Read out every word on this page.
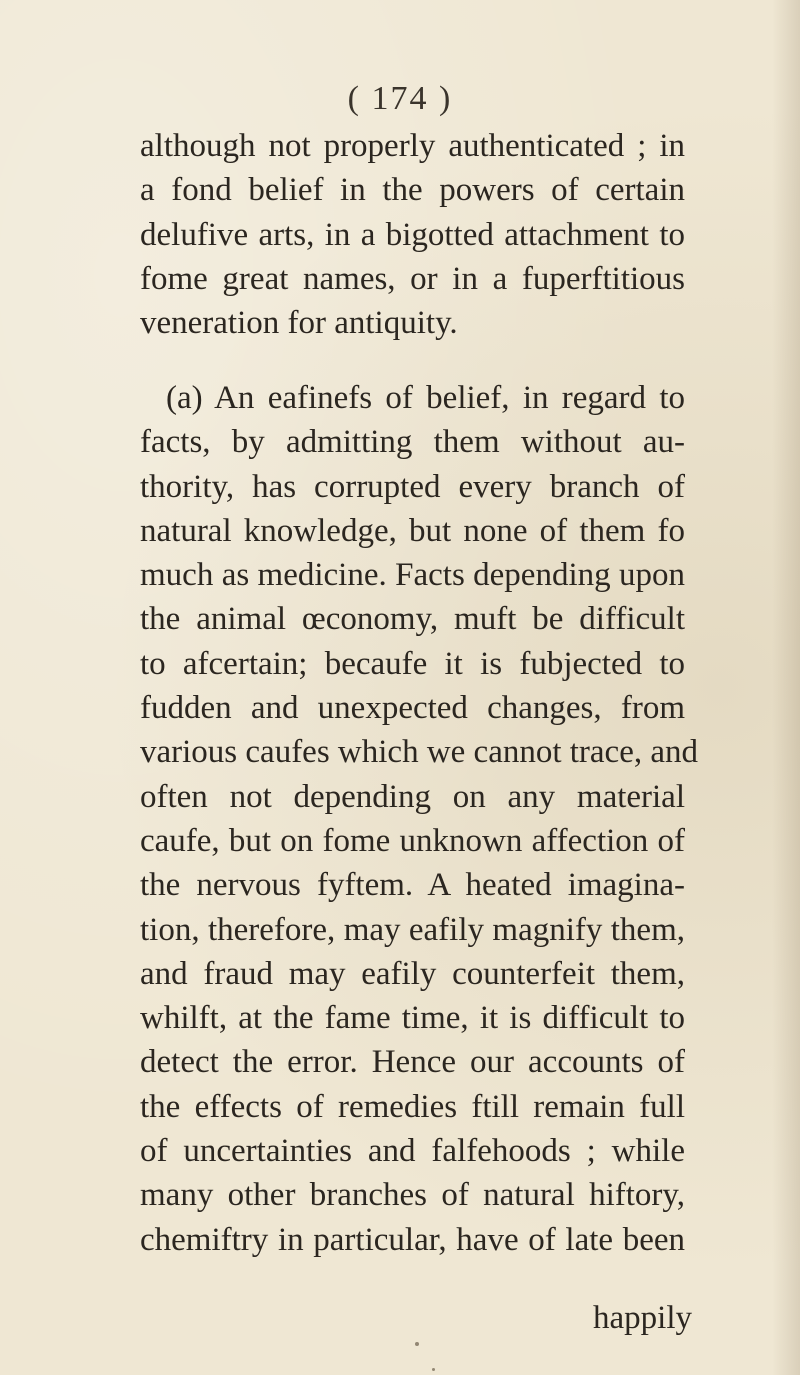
( 174 )
although not properly authenticated ; in
a fond belief in the powers of certain
delufive arts, in a bigotted attachment to
fome great names, or in a fuperftitious
veneration for antiquity.
(a) An eafinefs of belief, in regard to
facts, by admitting them without au-
thority, has corrupted every branch of
natural knowledge, but none of them fo
much as medicine. Facts depending upon
the animal œconomy, muft be difficult
to afcertain; becaufe it is fubjected to
fudden and unexpected changes, from
various caufes which we cannot trace, and
often not depending on any material
caufe, but on fome unknown affection of
the nervous fyftem. A heated imagina-
tion, therefore, may eafily magnify them,
and fraud may eafily counterfeit them,
whilft, at the fame time, it is difficult to
detect the error. Hence our accounts of
the effects of remedies ftill remain full
of uncertainties and falfehoods ; while
many other branches of natural hiftory,
chemiftry in particular, have of late been
happily
